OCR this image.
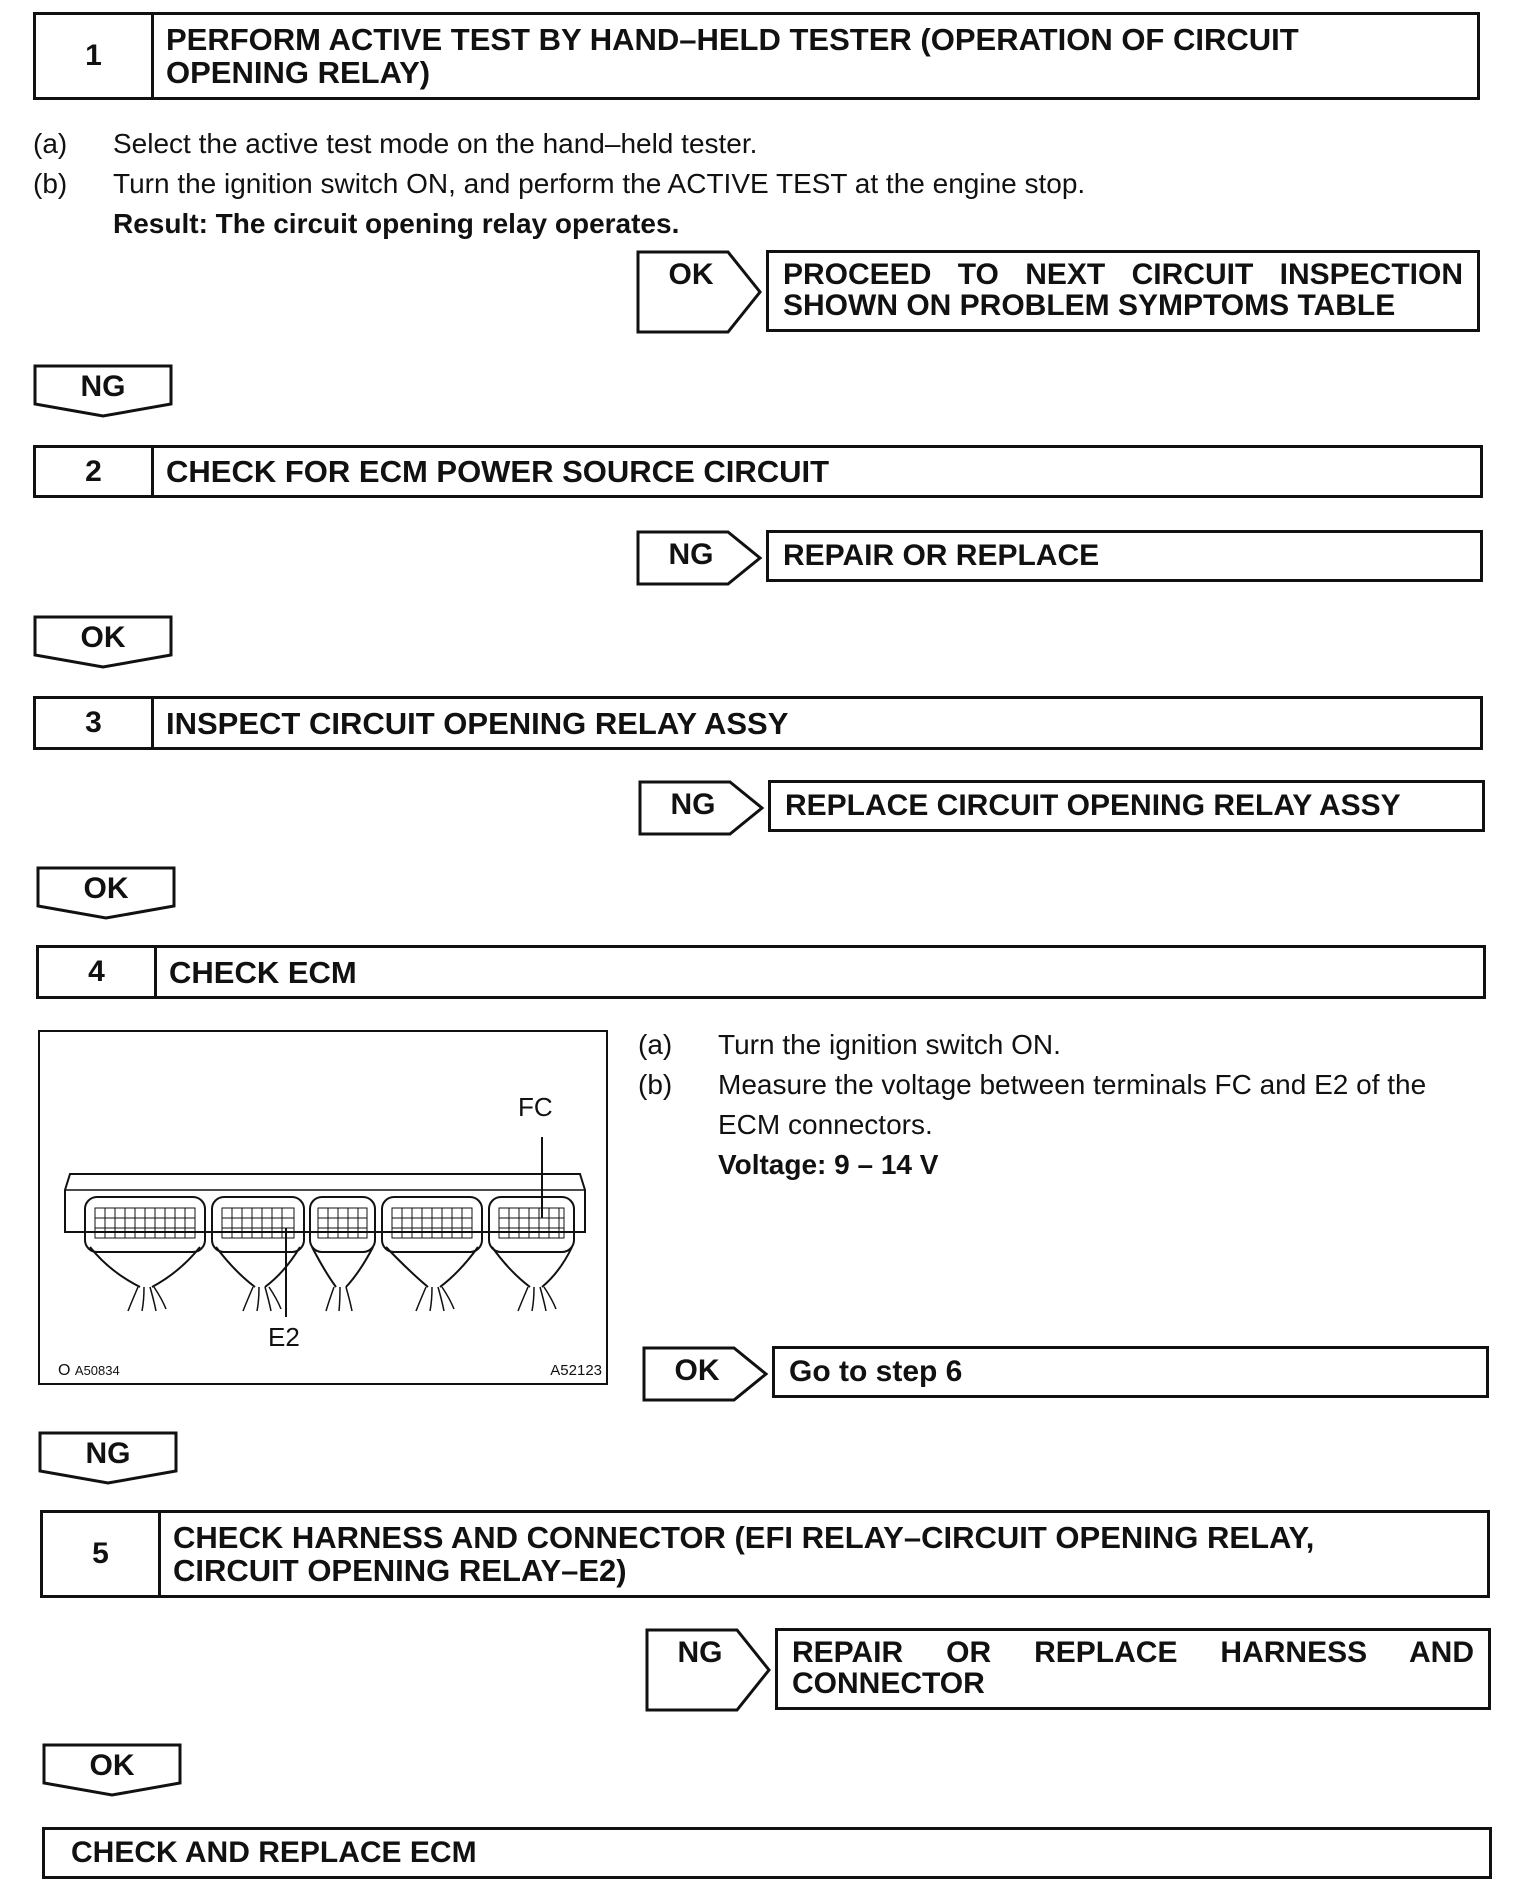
1	PERFORM ACTIVE TEST BY HAND–HELD TESTER (OPERATION OF CIRCUIT OPENING RELAY)
(a) Select the active test mode on the hand–held tester.
(b) Turn the ignition switch ON, and perform the ACTIVE TEST at the engine stop.
Result: The circuit opening relay operates.
OK	PROCEED TO NEXT CIRCUIT INSPECTION
SHOWN ON PROBLEM SYMPTOMS TABLE
NG
2	CHECK FOR ECM POWER SOURCE CIRCUIT
NG	REPAIR OR REPLACE
OK
3	INSPECT CIRCUIT OPENING RELAY ASSY
NG	REPLACE CIRCUIT OPENING RELAY ASSY
OK
4	CHECK ECM
FC
E2
O A50834	A52123
(a) Turn the ignition switch ON.
(b)	Measure the voltage between terminals FC and E2 of the ECM connectors.
Voltage: 9 – 14 V
OK	Go to step 6
NG
5	CHECK HARNESS AND CONNECTOR (EFI RELAY–CIRCUIT OPENING RELAY, CIRCUIT OPENING RELAY–E2)
NG	REPAIR OR REPLACE HARNESS AND
CONNECTOR
OK
CHECK AND REPLACE ECM
